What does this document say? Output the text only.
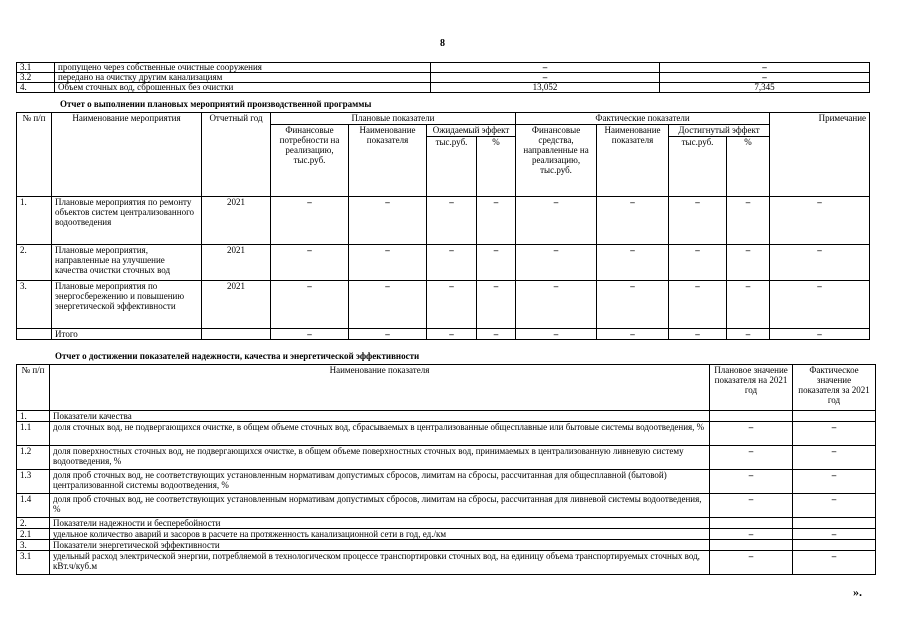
8
3.1	пропущено через собственные очистные сооружения	–	–
3.2	передано на очистку другим канализациям	–	–
4.	Объем сточных вод, сброшенных без очистки	13,052	7,345
Отчет о выполнении плановых мероприятий производственной программы
№ п/п	Наименование мероприятия	Отчетный год	Плановые показатели				Фактические показатели				Примечание
			Финансовые потребности на реализацию, тыс.руб.	Наименование показателя	Ожидаемый эффект		Финансовые средства, направленные на реализацию, тыс.руб.	Наименование показателя	Достигнутый эффект		
					тыс.руб.	%			тыс.руб.	%	
1.	Плановые мероприятия по ремонту объектов систем централизованного водоотведения	2021	–	–	–	–	–	–	–	–	–
2.	Плановые мероприятия, направленные на улучшение качества очистки сточных вод	2021	–	–	–	–	–	–	–	–	–
3.	Плановые мероприятия по энергосбережению и повышению энергетической эффективности	2021	–	–	–	–	–	–	–	–	–
	Итого		–	–	–	–	–	–	–	–	–
Отчет о достижении показателей надежности, качества и энергетической эффективности
№ п/п	Наименование показателя	Плановое значение показателя на 2021 год	Фактическое значение показателя за 2021 год
1.	Показатели качества		
1.1	доля сточных вод, не подвергающихся очистке, в общем объеме сточных вод, сбрасываемых в централизованные общесплавные или бытовые системы водоотведения, %	–	–
1.2	доля поверхностных сточных вод, не подвергающихся очистке, в общем объеме поверхностных сточных вод, принимаемых в централизованную ливневую систему водоотведения, %	–	–
1.3	доля проб сточных вод, не соответствующих установленным нормативам допустимых сбросов, лимитам на сбросы, рассчитанная для общесплавной (бытовой) централизованной системы водоотведения, %	–	–
1.4	доля проб сточных вод, не соответствующих установленным нормативам допустимых сбросов, лимитам на сбросы, рассчитанная для ливневой системы водоотведения, %	–	–
2.	Показатели надежности и бесперебойности		
2.1	удельное количество аварий и засоров в расчете на протяженность канализационной сети в год, ед./км	–	–
3.	Показатели энергетической эффективности		
3.1	удельный расход электрической энергии, потребляемой в технологическом процессе транспортировки сточных вод, на единицу объема транспортируемых сточных вод, кВт.ч/куб.м	–	–
».
